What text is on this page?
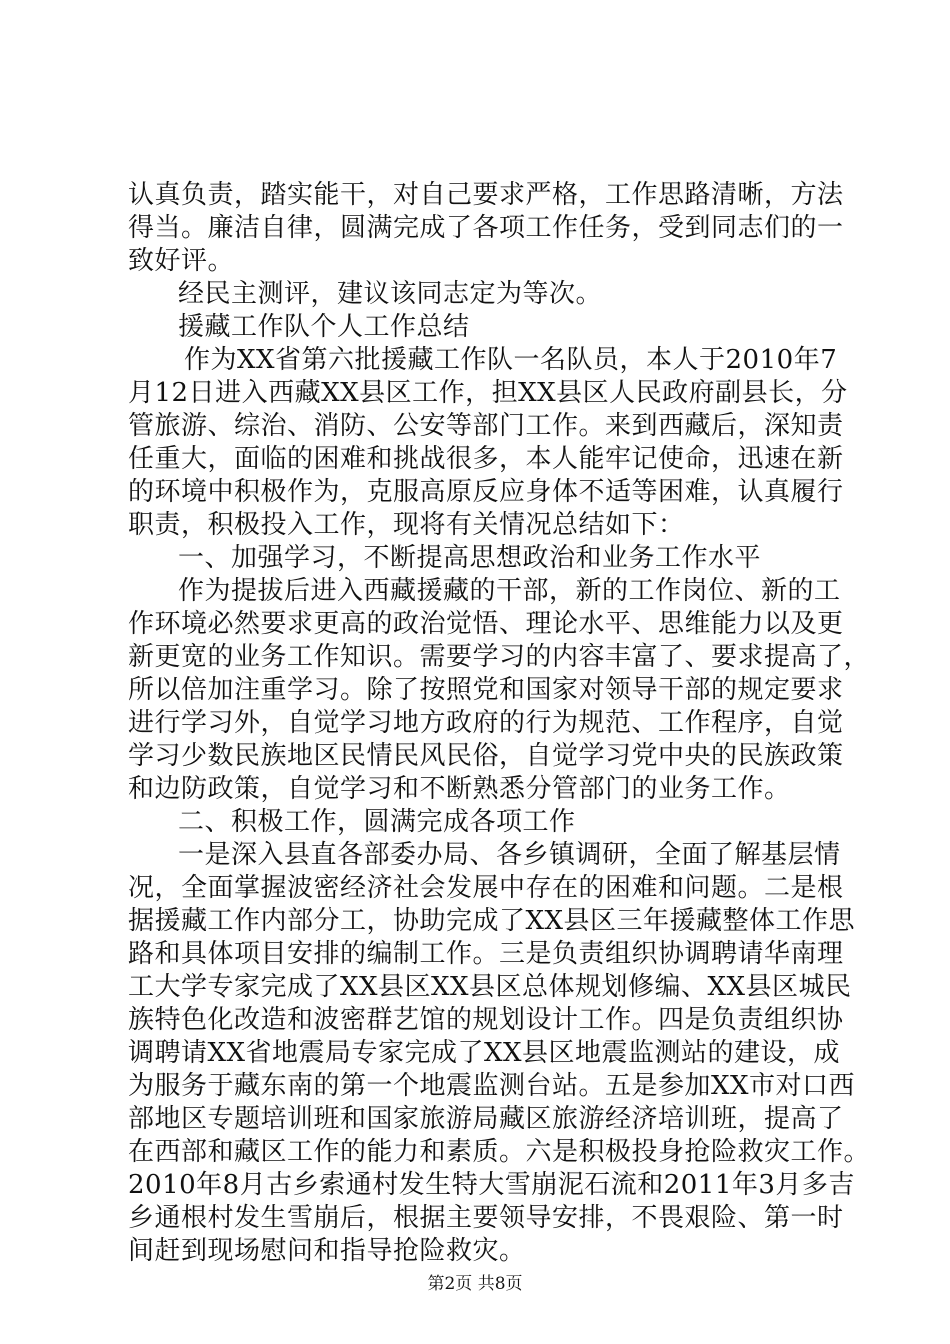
认真负责，踏实能干，对自己要求严格，工作思路清晰，方法
得当。廉洁自律，圆满完成了各项工作任务，受到同志们的一
致好评。
经民主测评，建议该同志定为等次。
援藏工作队个人工作总结
作为XX省第六批援藏工作队一名队员，本人于2010年7
月12日进入西藏XX县区工作，担XX县区人民政府副县长，分
管旅游、综治、消防、公安等部门工作。来到西藏后，深知责
任重大，面临的困难和挑战很多，本人能牢记使命，迅速在新
的环境中积极作为，克服高原反应身体不适等困难，认真履行
职责，积极投入工作，现将有关情况总结如下：
一、加强学习，不断提高思想政治和业务工作水平
作为提拔后进入西藏援藏的干部，新的工作岗位、新的工
作环境必然要求更高的政治觉悟、理论水平、思维能力以及更
新更宽的业务工作知识。需要学习的内容丰富了、要求提高了，
所以倍加注重学习。除了按照党和国家对领导干部的规定要求
进行学习外，自觉学习地方政府的行为规范、工作程序，自觉
学习少数民族地区民情民风民俗，自觉学习党中央的民族政策
和边防政策，自觉学习和不断熟悉分管部门的业务工作。
二、积极工作，圆满完成各项工作
一是深入县直各部委办局、各乡镇调研，全面了解基层情
况，全面掌握波密经济社会发展中存在的困难和问题。二是根
据援藏工作内部分工，协助完成了XX县区三年援藏整体工作思
路和具体项目安排的编制工作。三是负责组织协调聘请华南理
工大学专家完成了XX县区XX县区总体规划修编、XX县区城民
族特色化改造和波密群艺馆的规划设计工作。四是负责组织协
调聘请XX省地震局专家完成了XX县区地震监测站的建设，成
为服务于藏东南的第一个地震监测台站。五是参加XX市对口西
部地区专题培训班和国家旅游局藏区旅游经济培训班，提高了
在西部和藏区工作的能力和素质。六是积极投身抢险救灾工作。
2010年8月古乡索通村发生特大雪崩泥石流和2011年3月多吉
乡通根村发生雪崩后，根据主要领导安排，不畏艰险、第一时
间赶到现场慰问和指导抢险救灾。
第2页 共8页
